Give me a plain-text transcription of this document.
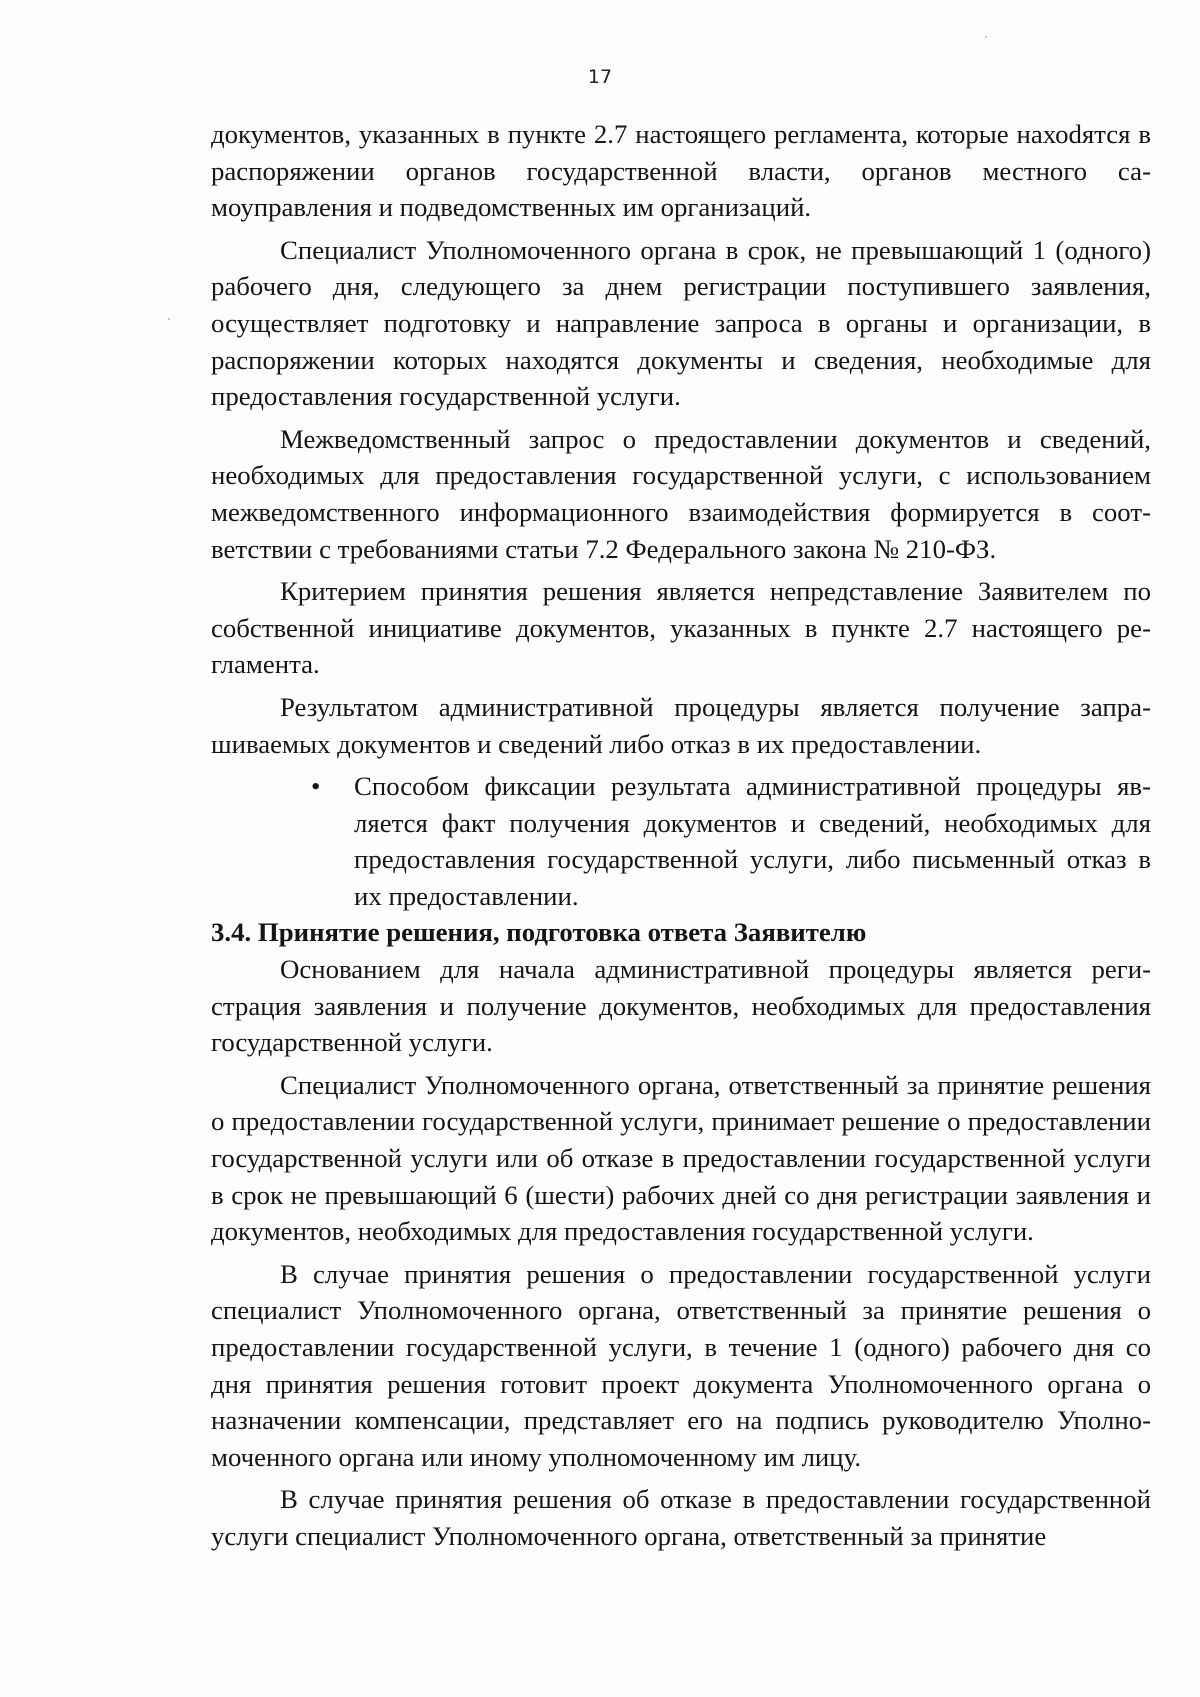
17

документов, указанных в пункте 2.7 настоящего регламента, которые нахоdятся в распоряжении органов государственной власти, органов местного самоуправления и подведомственных им организаций.

Специалист Уполномоченного органа в срок, не превышающий 1 (одного) рабочего дня, следующего за днем регистрации поступившего заявления, осуществляет подготовку и направление запроса в органы и организации, в распоряжении которых находятся документы и сведения, необходимые для предоставления государственной услуги.

Межведомственный запрос о предоставлении документов и сведений, необходимых для предоставления государственной услуги, с использованием межведомственного информационного взаимодействия формируется в соответствии с требованиями статьи 7.2 Федерального закона № 210-ФЗ.

Критерием принятия решения является непредставление Заявителем по собственной инициативе документов, указанных в пункте 2.7 настоящего регламента.

Результатом административной процедуры является получение запрашиваемых документов и сведений либо отказ в их предоставлении.

• Способом фиксации результата административной процедуры является факт получения документов и сведений, необходимых для предоставления государственной услуги, либо письменный отказ в их предоставлении.

3.4. Принятие решения, подготовка ответа Заявителю

Основанием для начала административной процедуры является регистрация заявления и получение документов, необходимых для предоставления государственной услуги.

Специалист Уполномоченного органа, ответственный за принятие решения о предоставлении государственной услуги, принимает решение о предоставлении государственной услуги или об отказе в предоставлении государственной услуги в срок не превышающий 6 (шести) рабочих дней со дня регистрации заявления и документов, необходимых для предоставления государственной услуги.

В случае принятия решения о предоставлении государственной услуги специалист Уполномоченного органа, ответственный за принятие решения о предоставлении государственной услуги, в течение 1 (одного) рабочего дня со дня принятия решения готовит проект документа Уполномоченного органа о назначении компенсации, представляет его на подпись руководителю Уполномоченного органа или иному уполномоченному им лицу.

В случае принятия решения об отказе в предоставлении государственной услуги специалист Уполномоченного органа, ответственный за принятие
